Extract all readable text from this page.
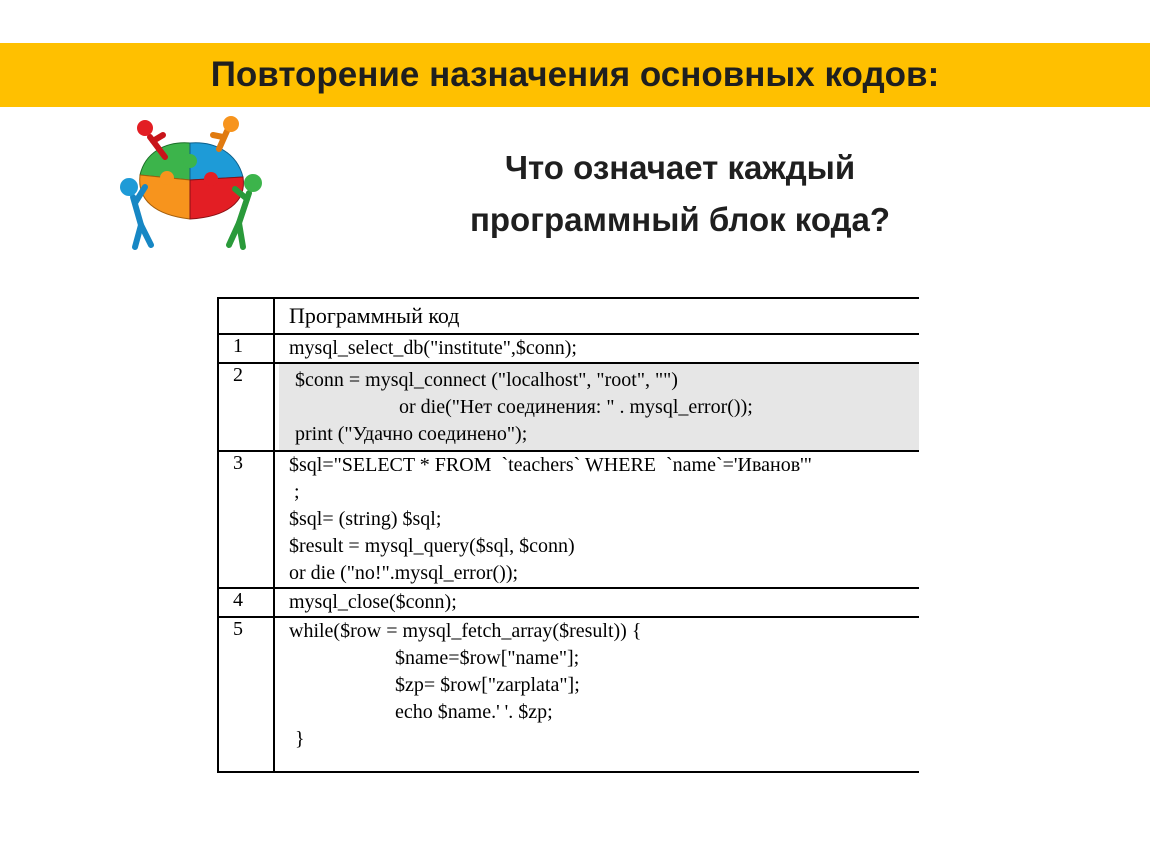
Повторение назначения основных кодов:
Что означает каждый
программный блок кода?
	Программный код
1	mysql_select_db("institute",$conn);

2	$conn = mysql_connect ("localhost", "root", "")
or die("Нет соединения: " . mysql_error());
print ("Удачно соединено");

3	$sql="SELECT * FROM  `teachers` WHERE  `name`='Иванов'"
;
$sql= (string) $sql;
$result = mysql_query($sql, $conn)
or die ("no!".mysql_error());

4	mysql_close($conn);

5	while($row = mysql_fetch_array($result)) {
$name=$row["name"];
$zp= $row["zarplata"];
echo $name.' '. $zp;
}
